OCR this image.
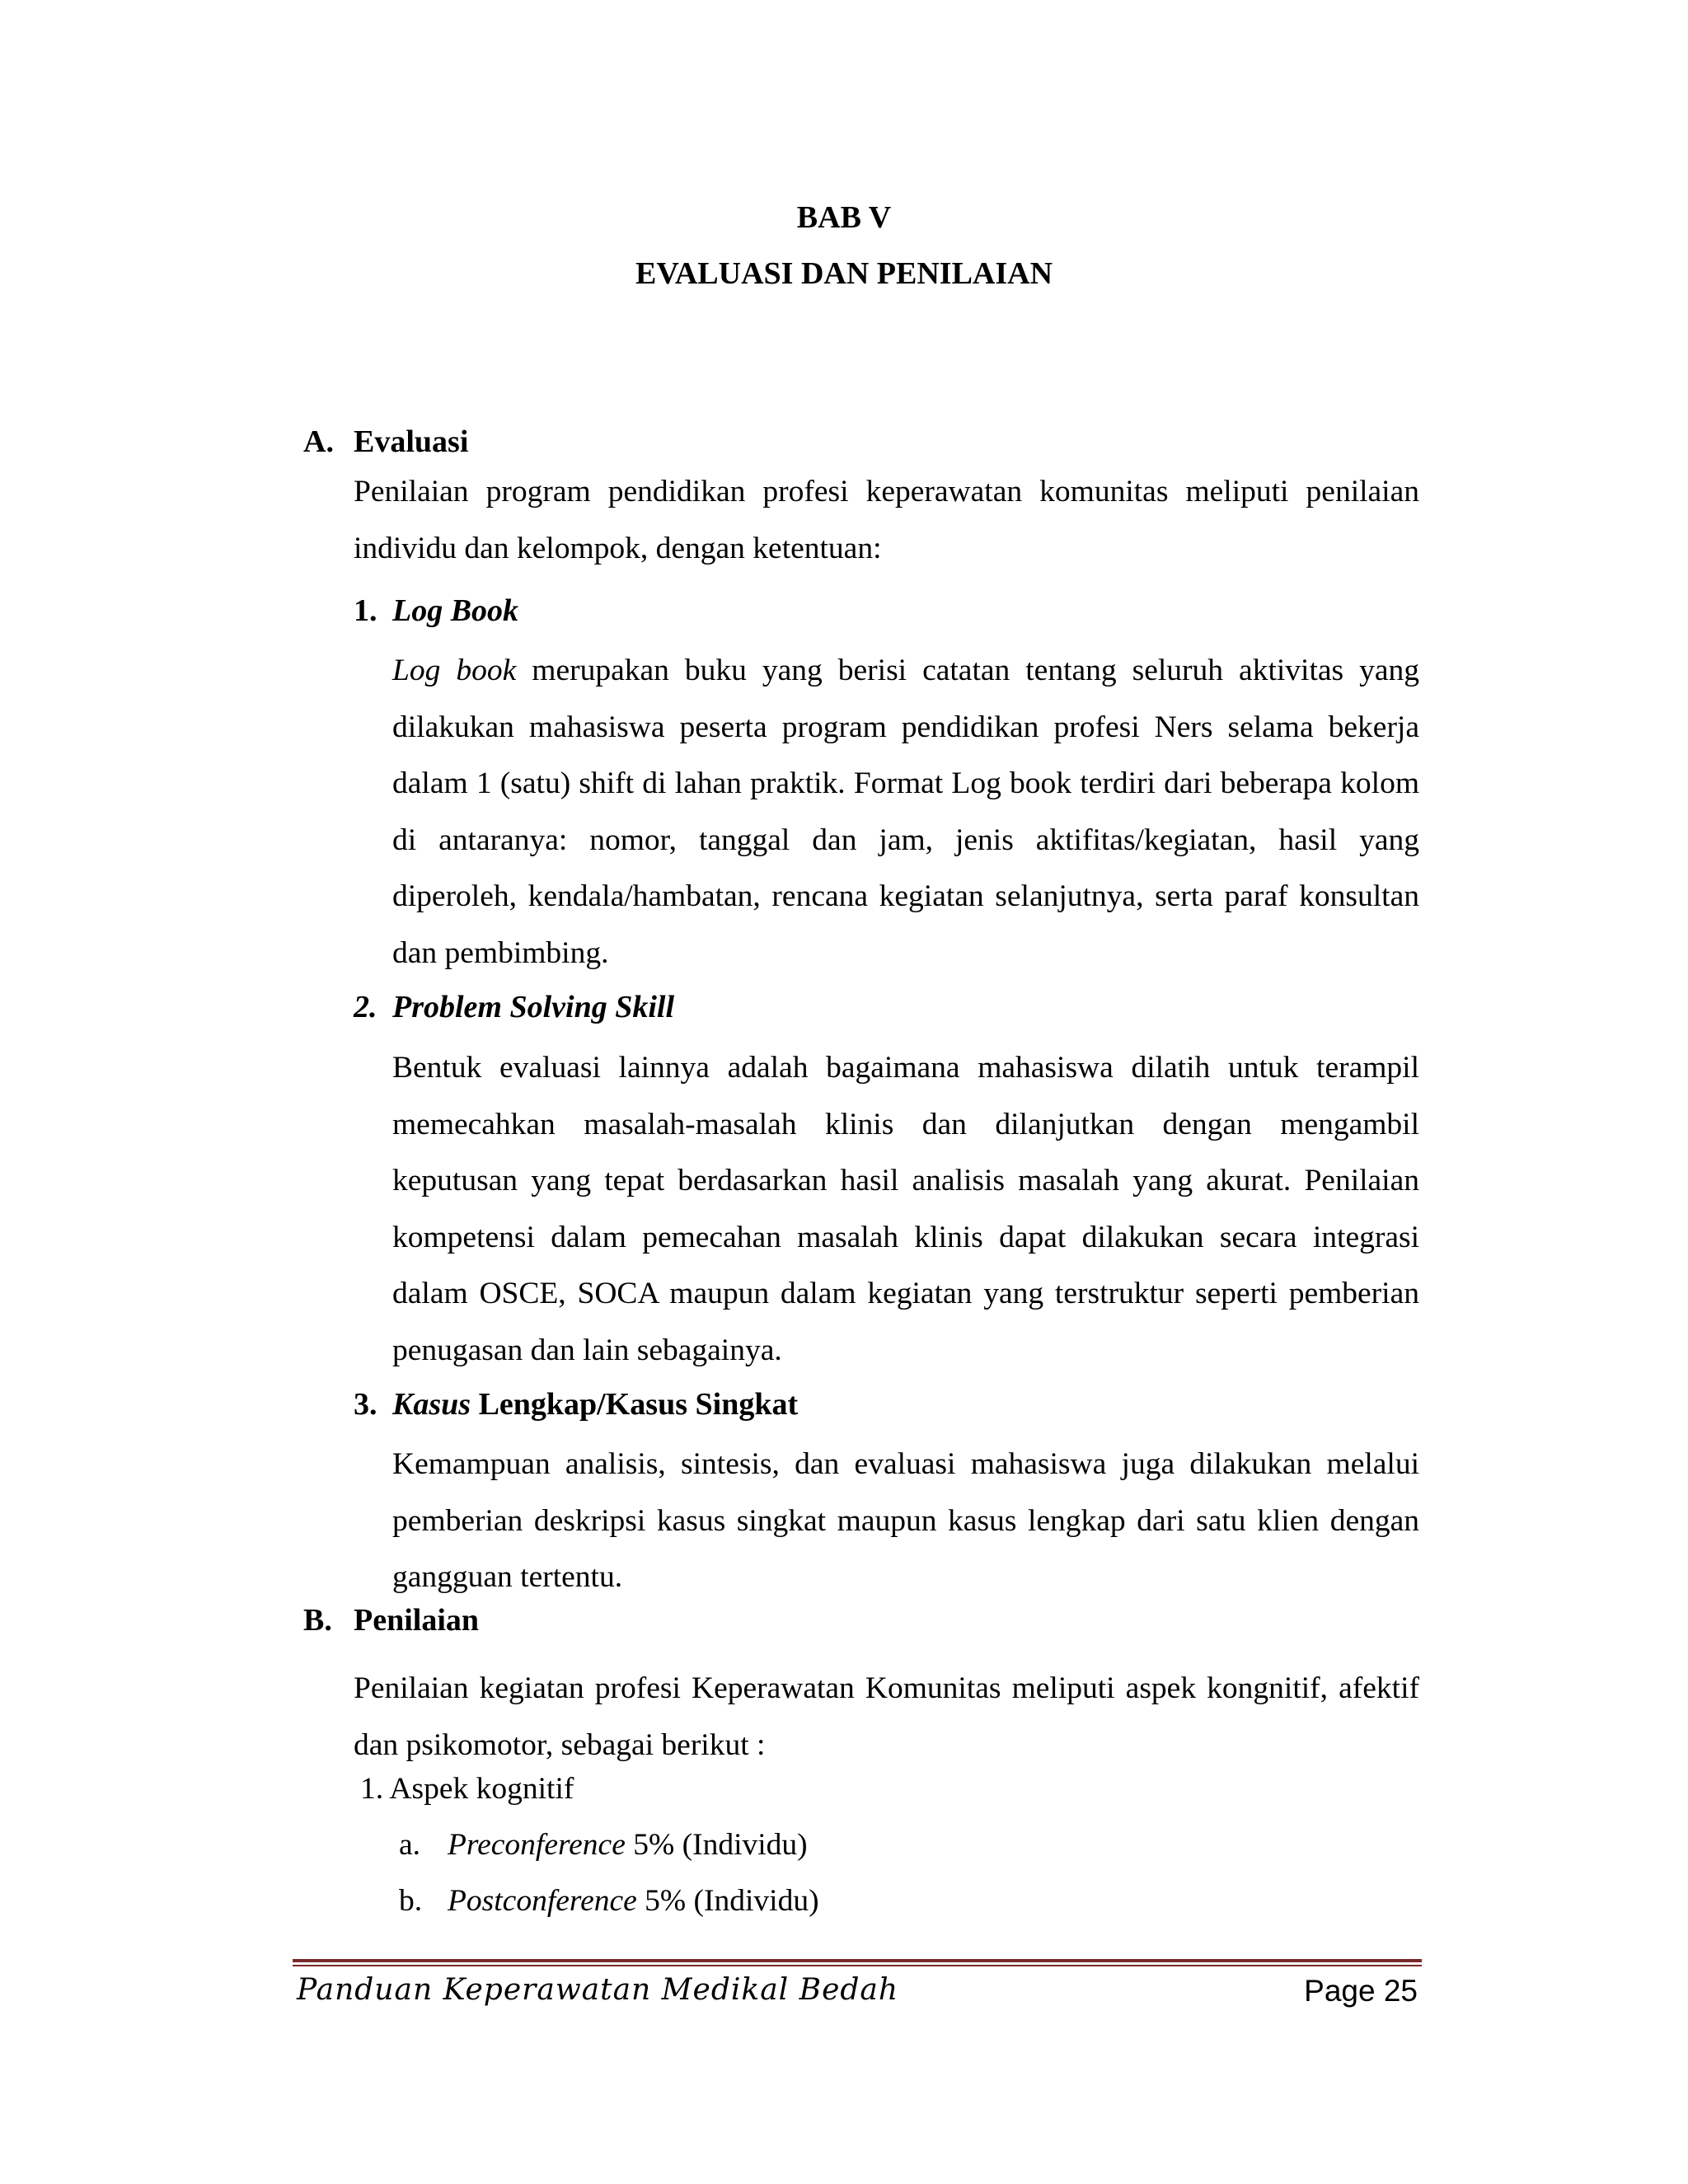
BAB V
EVALUASI DAN PENILAIAN
A. Evaluasi

Penilaian program pendidikan profesi keperawatan komunitas meliputi penilaian individu dan kelompok, dengan ketentuan:

1. Log Book

Log book merupakan buku yang berisi catatan tentang seluruh aktivitas yang dilakukan mahasiswa peserta program pendidikan profesi Ners selama bekerja dalam 1 (satu) shift di lahan praktik. Format Log book terdiri dari beberapa kolom di antaranya: nomor, tanggal dan jam, jenis aktifitas/kegiatan, hasil yang diperoleh, kendala/hambatan, rencana kegiatan selanjutnya, serta paraf konsultan dan pembimbing.

2. Problem Solving Skill

Bentuk evaluasi lainnya adalah bagaimana mahasiswa dilatih untuk terampil memecahkan masalah-masalah klinis dan dilanjutkan dengan mengambil keputusan yang tepat berdasarkan hasil analisis masalah yang akurat. Penilaian kompetensi dalam pemecahan masalah klinis dapat dilakukan secara integrasi dalam OSCE, SOCA maupun dalam kegiatan yang terstruktur seperti pemberian penugasan dan lain sebagainya.

3. Kasus Lengkap/Kasus Singkat

Kemampuan analisis, sintesis, dan evaluasi mahasiswa juga dilakukan melalui pemberian deskripsi kasus singkat maupun kasus lengkap dari satu klien dengan gangguan tertentu.

B. Penilaian

Penilaian kegiatan profesi Keperawatan Komunitas meliputi aspek kongnitif, afektif dan psikomotor, sebagai berikut :

1. Aspek kognitif
a. Preconference 5% (Individu)
b. Postconference 5% (Individu)
Panduan Keperawatan Medikal Bedah	Page 25
